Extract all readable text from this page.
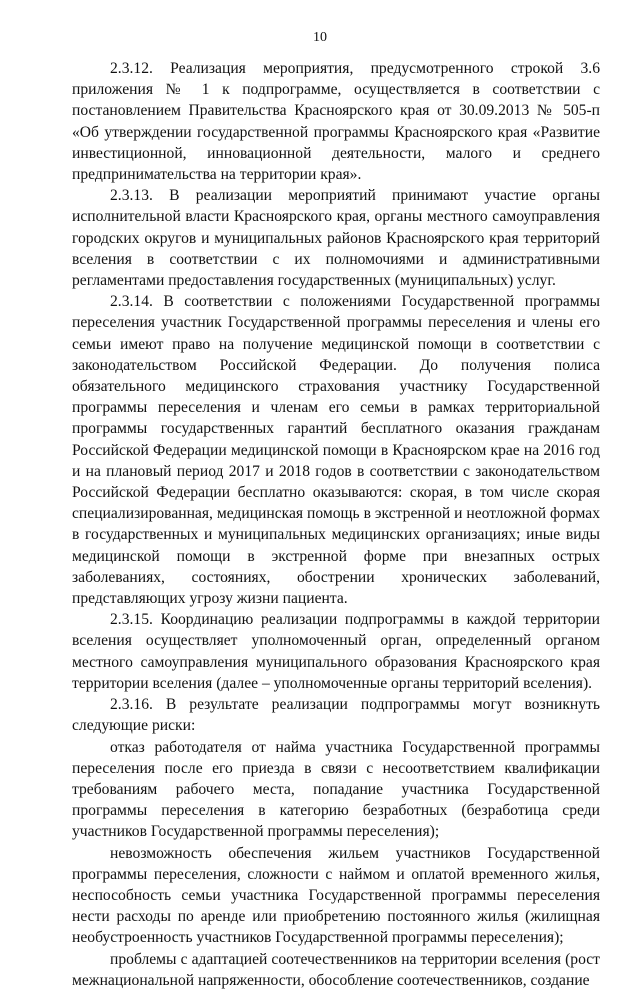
10

2.3.12. Реализация мероприятия, предусмотренного строкой 3.6 приложения № 1 к подпрограмме, осуществляется в соответствии с постановлением Правительства Красноярского края от 30.09.2013 № 505-п «Об утверждении государственной программы Красноярского края «Развитие инвестиционной, инновационной деятельности, малого и среднего предпринимательства на территории края».

2.3.13. В реализации мероприятий принимают участие органы исполнительной власти Красноярского края, органы местного самоуправления городских округов и муниципальных районов Красноярского края территорий вселения в соответствии с их полномочиями и административными регламентами предоставления государственных (муниципальных) услуг.

2.3.14. В соответствии с положениями Государственной программы переселения участник Государственной программы переселения и члены его семьи имеют право на получение медицинской помощи в соответствии с законодательством Российской Федерации. До получения полиса обязательного медицинского страхования участнику Государственной программы переселения и членам его семьи в рамках территориальной программы государственных гарантий бесплатного оказания гражданам Российской Федерации медицинской помощи в Красноярском крае на 2016 год и на плановый период 2017 и 2018 годов в соответствии с законодательством Российской Федерации бесплатно оказываются: скорая, в том числе скорая специализированная, медицинская помощь в экстренной и неотложной формах в государственных и муниципальных медицинских организациях; иные виды медицинской помощи в экстренной форме при внезапных острых заболеваниях, состояниях, обострении хронических заболеваний, представляющих угрозу жизни пациента.

2.3.15. Координацию реализации подпрограммы в каждой территории вселения осуществляет уполномоченный орган, определенный органом местного самоуправления муниципального образования Красноярского края территории вселения (далее – уполномоченные органы территорий вселения).

2.3.16. В результате реализации подпрограммы могут возникнуть следующие риски:

отказ работодателя от найма участника Государственной программы переселения после его приезда в связи с несоответствием квалификации требованиям рабочего места, попадание участника Государственной программы переселения в категорию безработных (безработица среди участников Государственной программы переселения);

невозможность обеспечения жильем участников Государственной программы переселения, сложности с наймом и оплатой временного жилья, неспособность семьи участника Государственной программы переселения нести расходы по аренде или приобретению постоянного жилья (жилищная необустроенность участников Государственной программы переселения);

проблемы с адаптацией соотечественников на территории вселения (рост межнациональной напряженности, обособление соотечественников, создание
